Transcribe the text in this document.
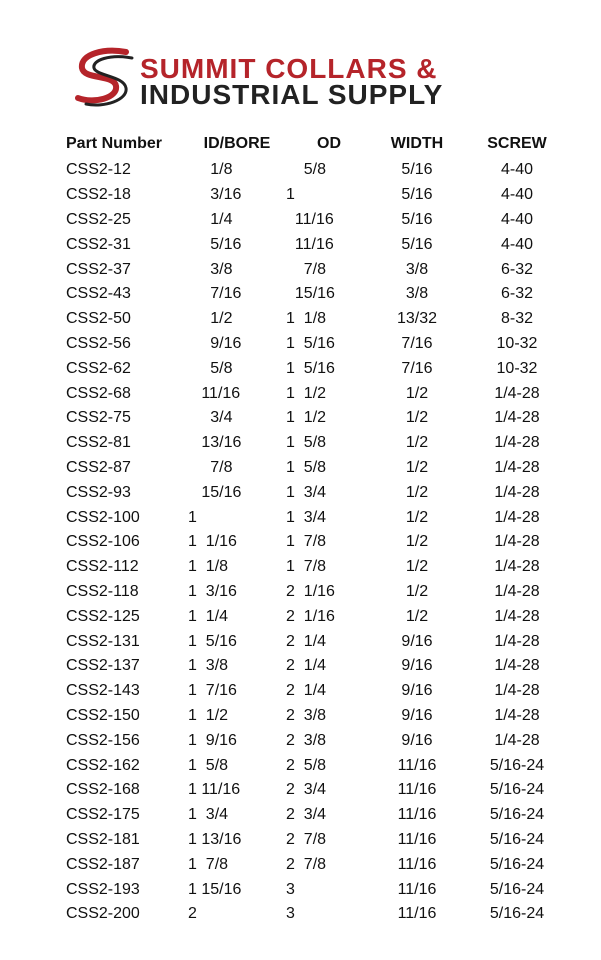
SUMMIT COLLARS &
INDUSTRIAL SUPPLY
Part Number	ID/BORE	OD	WIDTH	SCREW
CSS2-12	1/8	5/8	5/16	4-40
CSS2-18	3/16	1	5/16	4-40
CSS2-25	1/4	11/16	5/16	4-40
CSS2-31	5/16	11/16	5/16	4-40
CSS2-37	3/8	7/8	3/8	6-32
CSS2-43	7/16	15/16	3/8	6-32
CSS2-50	1/2	1  1/8	13/32	8-32
CSS2-56	9/16	1  5/16	7/16	10-32
CSS2-62	5/8	1  5/16	7/16	10-32
CSS2-68	11/16	1  1/2	1/2	1/4-28
CSS2-75	3/4	1  1/2	1/2	1/4-28
CSS2-81	13/16	1  5/8	1/2	1/4-28
CSS2-87	7/8	1  5/8	1/2	1/4-28
CSS2-93	15/16	1  3/4	1/2	1/4-28
CSS2-100	1	1  3/4	1/2	1/4-28
CSS2-106	1  1/16	1  7/8	1/2	1/4-28
CSS2-112	1  1/8	1  7/8	1/2	1/4-28
CSS2-118	1  3/16	2  1/16	1/2	1/4-28
CSS2-125	1  1/4	2  1/16	1/2	1/4-28
CSS2-131	1  5/16	2  1/4	9/16	1/4-28
CSS2-137	1  3/8	2  1/4	9/16	1/4-28
CSS2-143	1  7/16	2  1/4	9/16	1/4-28
CSS2-150	1  1/2	2  3/8	9/16	1/4-28
CSS2-156	1  9/16	2  3/8	9/16	1/4-28
CSS2-162	1  5/8	2  5/8	11/16	5/16-24
CSS2-168	1 11/16	2  3/4	11/16	5/16-24
CSS2-175	1  3/4	2  3/4	11/16	5/16-24
CSS2-181	1 13/16	2  7/8	11/16	5/16-24
CSS2-187	1  7/8	2  7/8	11/16	5/16-24
CSS2-193	1 15/16	3	11/16	5/16-24
CSS2-200	2	3	11/16	5/16-24
